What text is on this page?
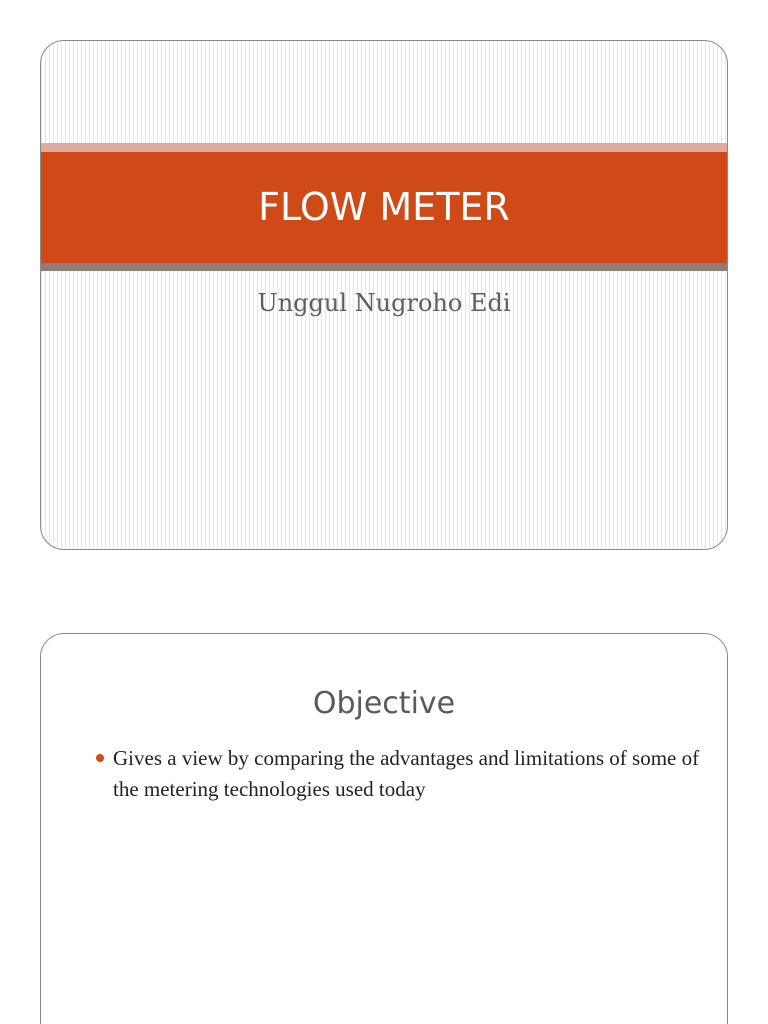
FLOW METER
Unggul Nugroho Edi
Objective
Gives a view by comparing the advantages and limitations of some of the metering technologies used today
